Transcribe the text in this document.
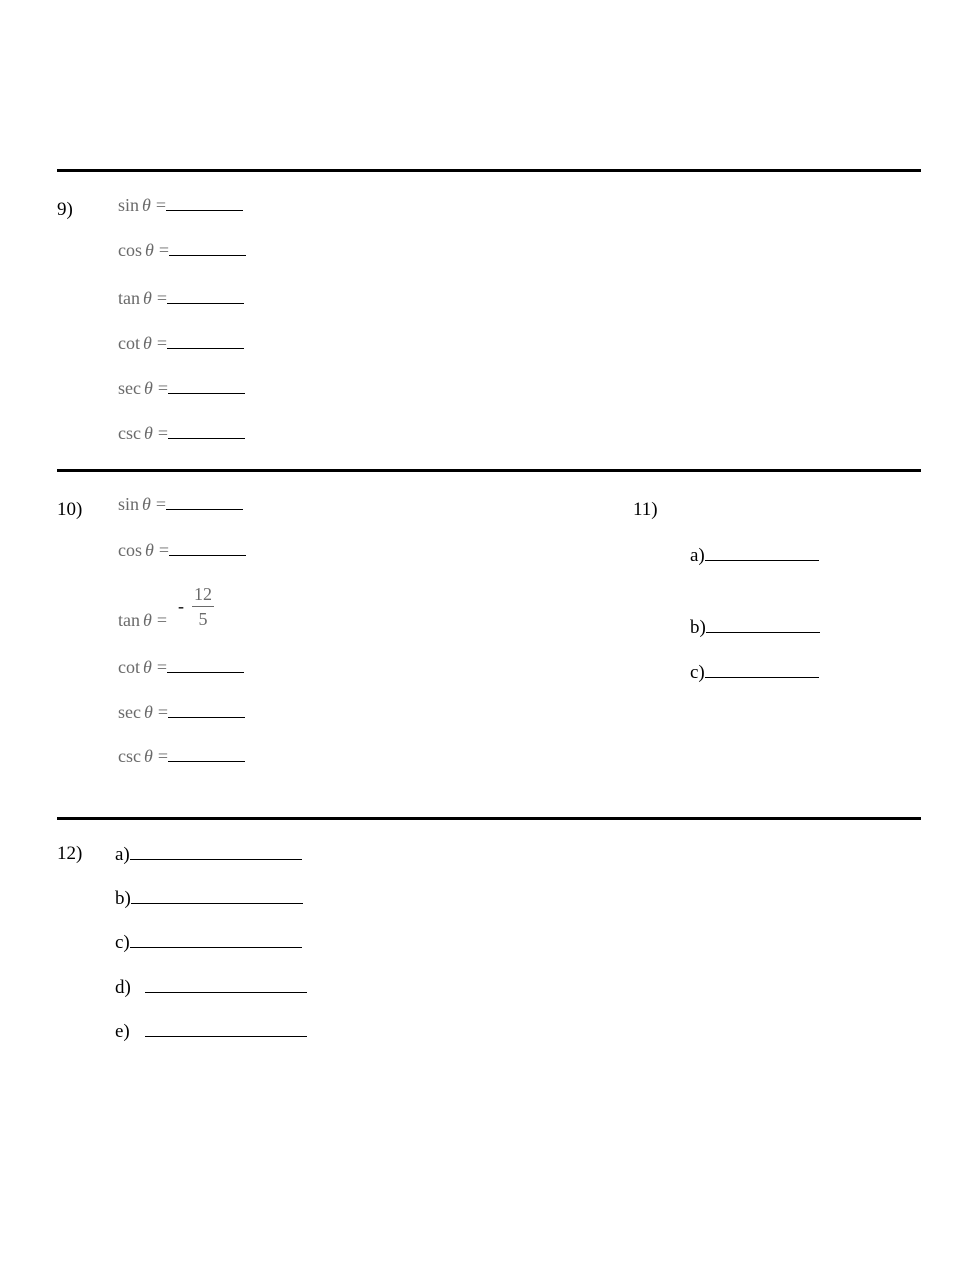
9)	sin θ =
cos θ =
tan θ =
cot θ =
sec θ =
csc θ =
10) sin θ =
cos θ =
tan θ =
- $\frac{12}{5}$
cot θ =
sec θ =
csc θ =
11)
a)
b)
c)
12) a)
b)
c)
d)
e)
